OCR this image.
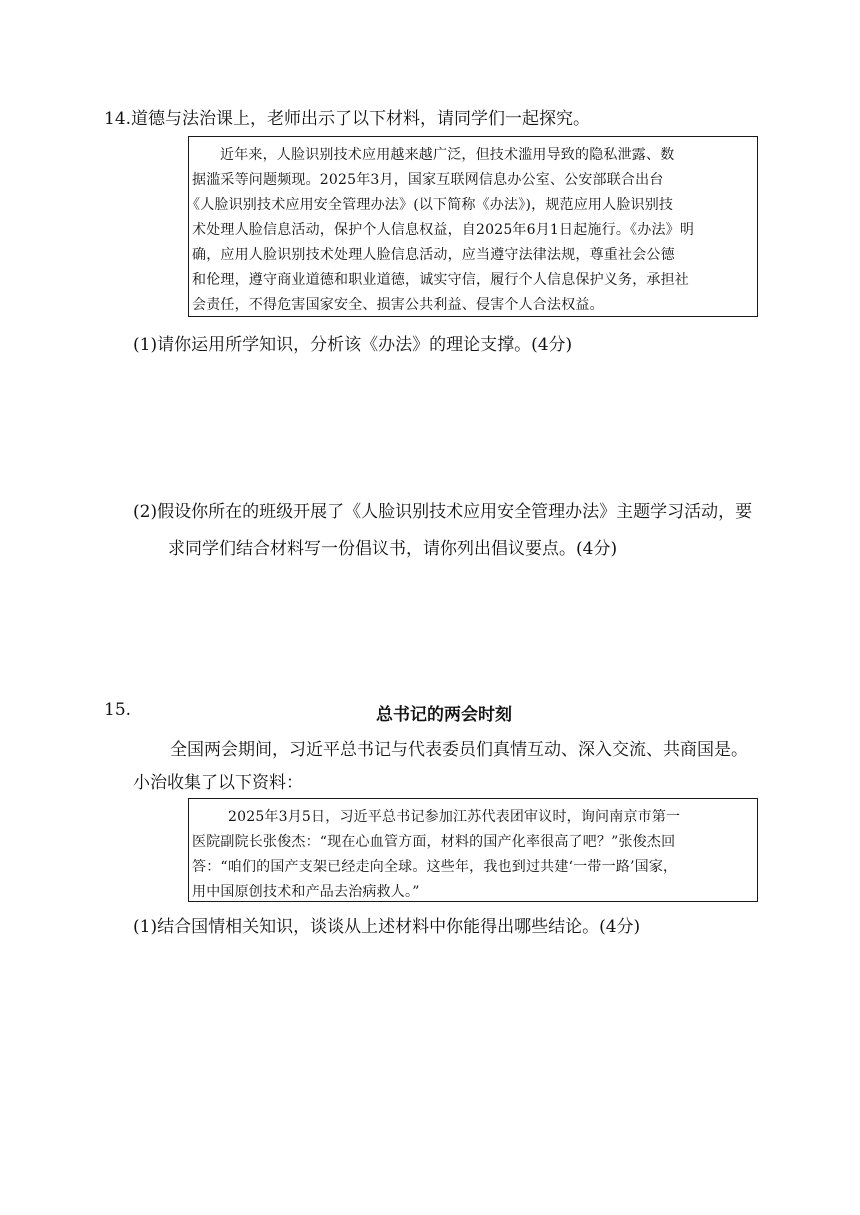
14.道德与法治课上，老师出示了以下材料，请同学们一起探究。
近年来，人脸识别技术应用越来越广泛，但技术滥用导致的隐私泄露、数
据滥采等问题频现。2025年3月，国家互联网信息办公室、公安部联合出台
《人脸识别技术应用安全管理办法》(以下简称《办法》)，规范应用人脸识别技
术处理人脸信息活动，保护个人信息权益，自2025年6月1日起施行。《办法》明
确，应用人脸识别技术处理人脸信息活动，应当遵守法律法规，尊重社会公德
和伦理，遵守商业道德和职业道德，诚实守信，履行个人信息保护义务，承担社
会责任，不得危害国家安全、损害公共利益、侵害个人合法权益。
(1)请你运用所学知识，分析该《办法》的理论支撑。(4分)
(2)假设你所在的班级开展了《人脸识别技术应用安全管理办法》主题学习活动，要
求同学们结合材料写一份倡议书，请你列出倡议要点。(4分)
15.	总书记的两会时刻
全国两会期间，习近平总书记与代表委员们真情互动、深入交流、共商国是。
小治收集了以下资料：
2025年3月5日，习近平总书记参加江苏代表团审议时，询问南京市第一
医院副院长张俊杰：“现在心血管方面，材料的国产化率很高了吧？”张俊杰回
答：“咱们的国产支架已经走向全球。这些年，我也到过共建‘一带一路’国家，
用中国原创技术和产品去治病救人。”
(1)结合国情相关知识，谈谈从上述材料中你能得出哪些结论。(4分)
